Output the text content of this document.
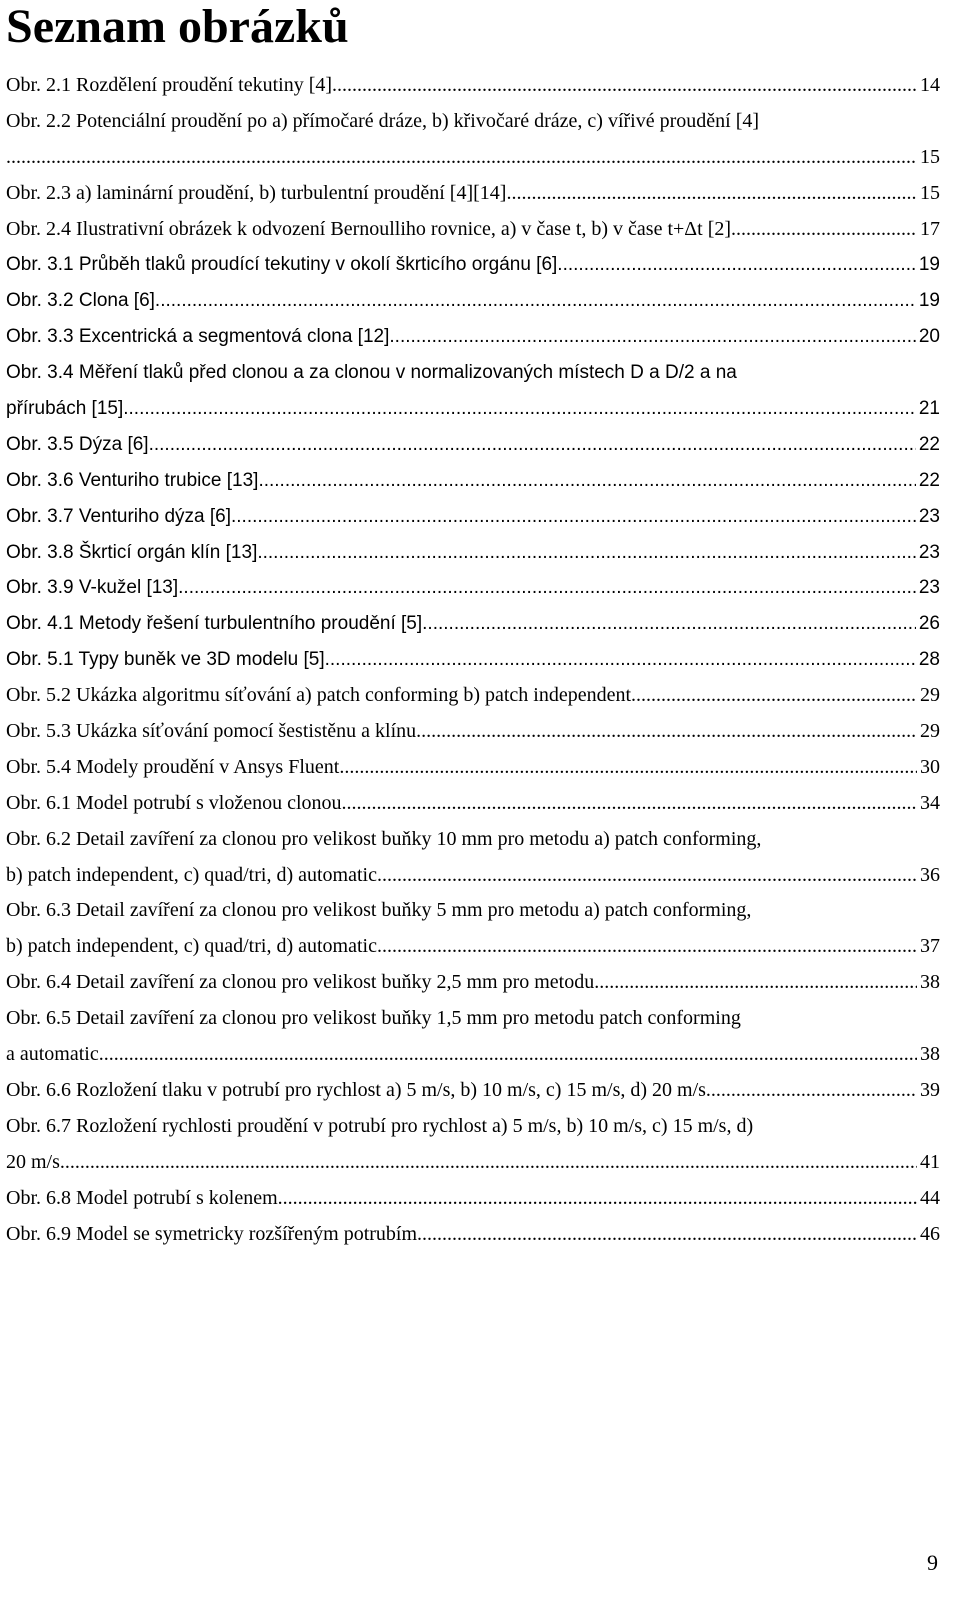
Seznam obrázků
Obr. 2.1 Rozdělení proudění tekutiny [4] .....	14
Obr. 2.2 Potenciální proudění po a) přímočaré dráze, b) křivočaré dráze, c) vířivé proudění [4]
.....
15
Obr. 2.3 a) laminární proudění, b) turbulentní proudění [4][14] .....	15
Obr. 2.4 Ilustrativní obrázek k odvození Bernoulliho rovnice, a) v čase t, b) v čase t+Δt [2] .....	17
Obr. 3.1 Průběh tlaků proudící tekutiny v okolí škrticího orgánu [6] .....	19
Obr. 3.2 Clona [6] .....	19
Obr. 3.3 Excentrická a segmentová clona [12] .....	20
Obr. 3.4 Měření tlaků před clonou a za clonou v normalizovaných místech D a D/2 a na
přírubách [15] .....	21
Obr. 3.5 Dýza [6] .....	22
Obr. 3.6 Venturiho trubice [13] .....	22
Obr. 3.7 Venturiho dýza [6] .....	23
Obr. 3.8 Škrticí orgán klín [13] .....	23
Obr. 3.9 V-kužel [13] .....	23
Obr. 4.1 Metody řešení turbulentního proudění [5] .....	26
Obr. 5.1 Typy buněk ve 3D modelu [5] .....	28
Obr. 5.2 Ukázka algoritmu síťování a) patch conforming b) patch independent .....	29
Obr. 5.3 Ukázka síťování pomocí šestistěnu a klínu .....	29
Obr. 5.4 Modely proudění v Ansys Fluent .....	30
Obr. 6.1 Model potrubí s vloženou clonou .....	34
Obr. 6.2 Detail zavíření za clonou pro velikost buňky 10 mm pro metodu a) patch conforming,
b) patch independent, c) quad/tri, d) automatic .....	36
Obr. 6.3 Detail zavíření za clonou pro velikost buňky 5 mm pro metodu a) patch conforming,
b) patch independent, c) quad/tri, d) automatic .....	37
Obr. 6.4 Detail zavíření za clonou pro velikost buňky 2,5 mm pro metodu .....	38
Obr. 6.5 Detail zavíření za clonou pro velikost buňky 1,5 mm pro metodu patch conforming
a automatic .....	38
Obr. 6.6 Rozložení tlaku v potrubí pro rychlost a) 5 m/s, b) 10 m/s, c) 15 m/s, d) 20 m/s .....	39
Obr. 6.7 Rozložení rychlosti proudění v potrubí pro rychlost a) 5 m/s, b) 10 m/s, c) 15 m/s, d)
20 m/s .....	41
Obr. 6.8 Model potrubí s kolenem .....	44
Obr. 6.9 Model se symetricky rozšířeným potrubím .....	46
9
